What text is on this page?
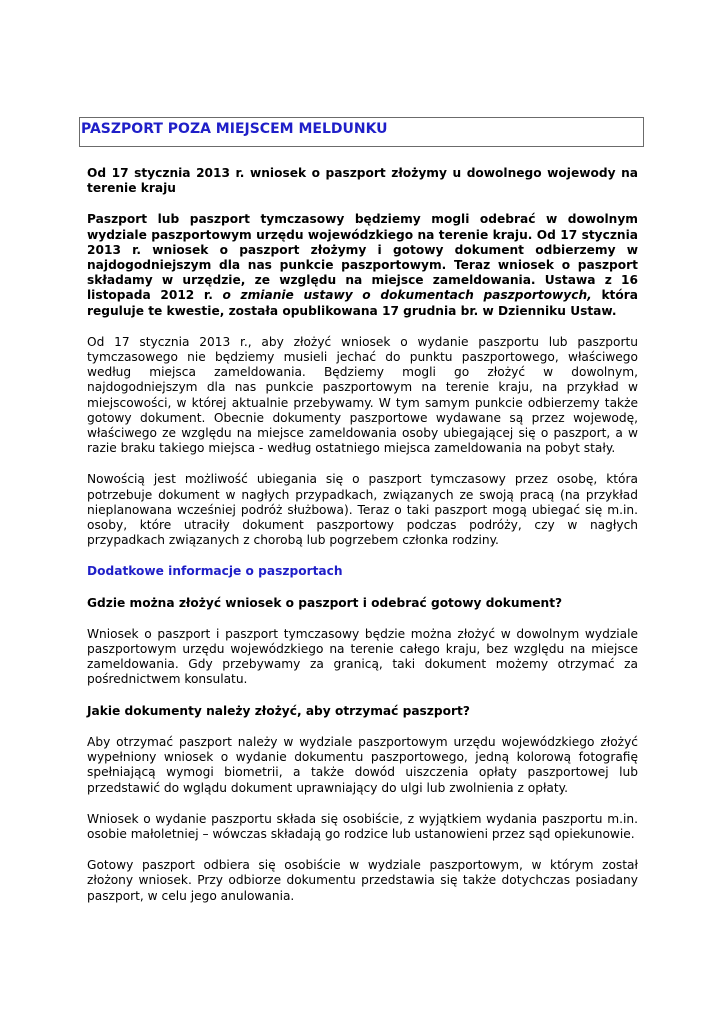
PASZPORT POZA MIEJSCEM MELDUNKU

Od 17 stycznia 2013 r. wniosek o paszport złożymy u dowolnego wojewody na terenie kraju

Paszport lub paszport tymczasowy będziemy mogli odebrać w dowolnym wydziale paszportowym urzędu wojewódzkiego na terenie kraju. Od 17 stycznia 2013 r. wniosek o paszport złożymy i gotowy dokument odbierzemy w najdogodniejszym dla nas punkcie paszportowym. Teraz wniosek o paszport składamy w urzędzie, ze względu na miejsce zameldowania. Ustawa z 16 listopada 2012 r. o zmianie ustawy o dokumentach paszportowych, która reguluje te kwestie, została opublikowana 17 grudnia br. w Dzienniku Ustaw.

Od 17 stycznia 2013 r., aby złożyć wniosek o wydanie paszportu lub paszportu tymczasowego nie będziemy musieli jechać do punktu paszportowego, właściwego według miejsca zameldowania. Będziemy mogli go złożyć w dowolnym, najdogodniejszym dla nas punkcie paszportowym na terenie kraju, na przykład w miejscowości, w której aktualnie przebywamy. W tym samym punkcie odbierzemy także gotowy dokument. Obecnie dokumenty paszportowe wydawane są przez wojewodę, właściwego ze względu na miejsce zameldowania osoby ubiegającej się o paszport, a w razie braku takiego miejsca - według ostatniego miejsca zameldowania na pobyt stały.

Nowością jest możliwość ubiegania się o paszport tymczasowy przez osobę, która potrzebuje dokument w nagłych przypadkach, związanych ze swoją pracą (na przykład nieplanowana wcześniej podróż służbowa). Teraz o taki paszport mogą ubiegać się m.in. osoby, które utraciły dokument paszportowy podczas podróży, czy w nagłych przypadkach związanych z chorobą lub pogrzebem członka rodziny.

Dodatkowe informacje o paszportach
Gdzie można złożyć wniosek o paszport i odebrać gotowy dokument?

Wniosek o paszport i paszport tymczasowy będzie można złożyć w dowolnym wydziale paszportowym urzędu wojewódzkiego na terenie całego kraju, bez względu na miejsce zameldowania. Gdy przebywamy za granicą, taki dokument możemy otrzymać za pośrednictwem konsulatu.

Jakie dokumenty należy złożyć, aby otrzymać paszport?

Aby otrzymać paszport należy w wydziale paszportowym urzędu wojewódzkiego złożyć wypełniony wniosek o wydanie dokumentu paszportowego, jedną kolorową fotografię spełniającą wymogi biometrii, a także dowód uiszczenia opłaty paszportowej lub przedstawić do wglądu dokument uprawniający do ulgi lub zwolnienia z opłaty.

Wniosek o wydanie paszportu składa się osobiście, z wyjątkiem wydania paszportu m.in. osobie małoletniej – wówczas składają go rodzice lub ustanowieni przez sąd opiekunowie.

Gotowy paszport odbiera się osobiście w wydziale paszportowym, w którym został złożony wniosek. Przy odbiorze dokumentu przedstawia się także dotychczas posiadany paszport, w celu jego anulowania.
